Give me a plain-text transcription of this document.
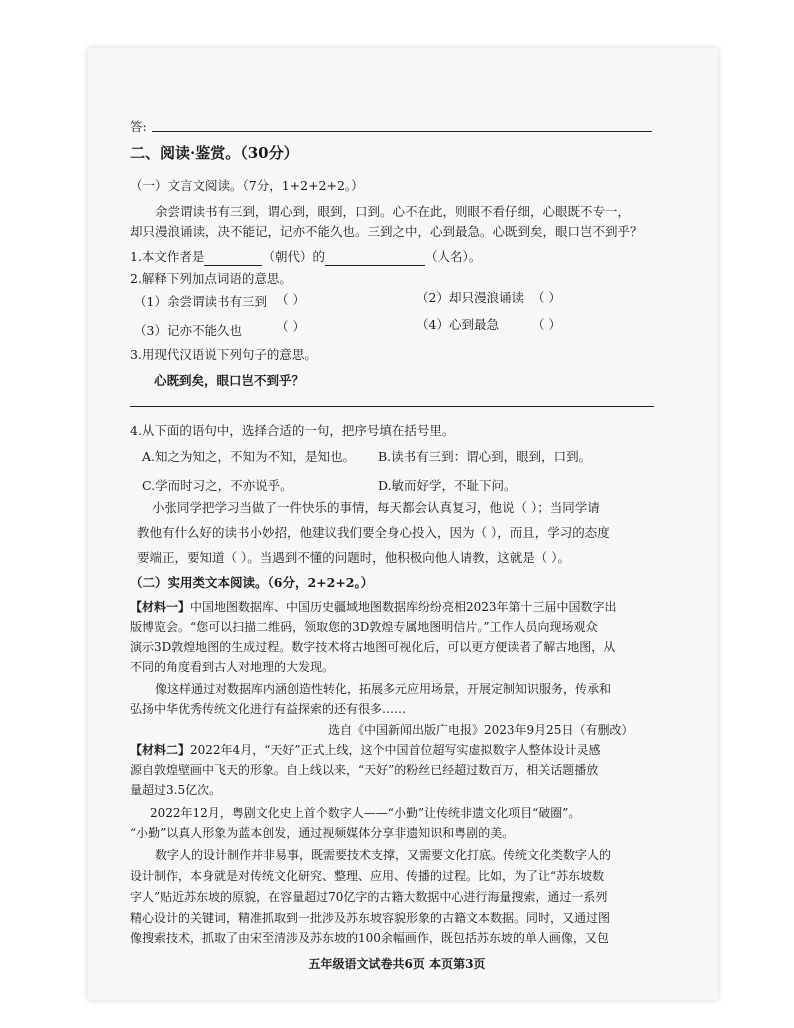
答:
二、阅读·鉴赏。（30分）
（一）文言文阅读。（7分，1+2+2+2。）
余尝谓读书有三到，谓心到，眼到，口到。心不在此，则眼不看仔细，心眼既不专一，
却只漫浪诵读，决不能记，记亦不能久也。三到之中，心到最急。心既到矣，眼口岂不到乎？
1.本文作者是	（朝代）的	（人名）。
2.解释下列加点词语的意思。
（1）余尝谓读书有三到 （ ）	（2）却只漫浪诵读 （ ）
（3）记亦不能久也	（ ）	（4）心到最急	（ ）
3.用现代汉语说下列句子的意思。
心既到矣，眼口岂不到乎？
4.从下面的语句中，选择合适的一句，把序号填在括号里。
A.知之为知之，不知为不知，是知也。 B.读书有三到：谓心到，眼到，口到。
C.学而时习之，不亦说乎。	D.敏而好学，不耻下问。
小张同学把学习当做了一件快乐的事情，每天都会认真复习，他说（ ）；当同学请
教他有什么好的读书小妙招，他建议我们要全身心投入，因为（ ），而且，学习的态度
要端正，要知道（ ）。当遇到不懂的问题时，他积极向他人请教，这就是（ ）。
（二）实用类文本阅读。（6分，2+2+2。）
【材料一】中国地图数据库、中国历史疆域地图数据库纷纷亮相2023年第十三届中国数字出
版博览会。“您可以扫描二维码，领取您的3D敦煌专属地图明信片。”工作人员向现场观众
演示3D敦煌地图的生成过程。数字技术将古地图可视化后，可以更方便读者了解古地图，从
不同的角度看到古人对地理的大发现。
像这样通过对数据库内涵创造性转化，拓展多元应用场景，开展定制知识服务，传承和
弘扬中华优秀传统文化进行有益探索的还有很多……
选自《中国新闻出版广电报》2023年9月25日（有删改）
【材料二】2022年4月，“天好”正式上线，这个中国首位超写实虚拟数字人整体设计灵感
源自敦煌壁画中飞天的形象。自上线以来，“天好”的粉丝已经超过数百万，相关话题播放
量超过3.5亿次。
2022年12月，粤剧文化史上首个数字人——“小勤”让传统非遗文化项目“破圈”。
“小勤”以真人形象为蓝本创发，通过视频媒体分享非遗知识和粤剧的美。
数字人的设计制作并非易事，既需要技术支撑，又需要文化打底。传统文化类数字人的
设计制作，本身就是对传统文化研究、整理、应用、传播的过程。比如，为了让“苏东坡数
字人”贴近苏东坡的原貌，在容量超过70亿字的古籍大数据中心进行海量搜索，通过一系列
精心设计的关键词，精准抓取到一批涉及苏东坡容貌形象的古籍文本数据。同时，又通过图
像搜索技术，抓取了由宋至清涉及苏东坡的100余幅画作，既包括苏东坡的单人画像，又包
五年级语文试卷共6页 本页第3页
